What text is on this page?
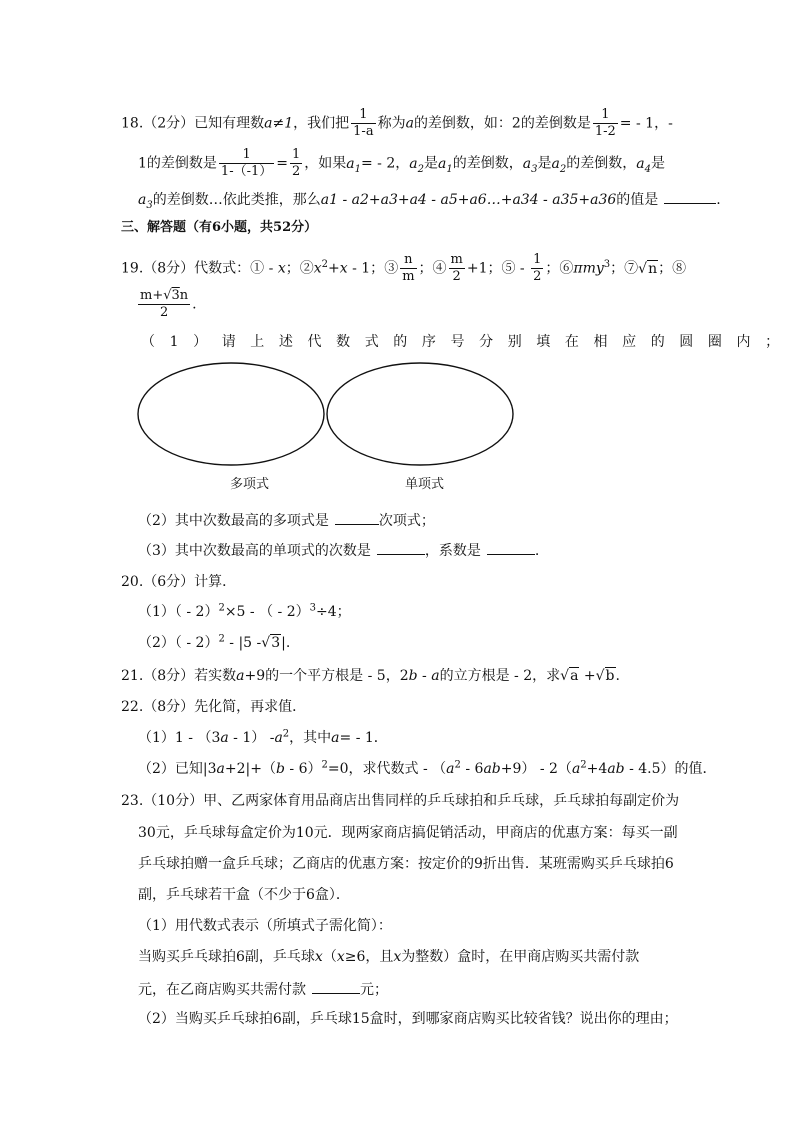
18.（2分）已知有理数a≠1，我们把 $\frac{1}{1-a}$ 称为a的差倒数，如：2的差倒数是 $\frac{1}{1-2}$ = - 1，-
1的差倒数是 $\frac{1}{1-(-1)} = \frac{1}{2}$ ，如果$a_1= - 2$，$a_2$是$a_1$的差倒数，$a_3$是$a_2$的差倒数，$a_4$是
$a_3$的差倒数…依此类推，那么a1 - a2+a3+a4 - a5+a6…+a34 - a35+a36的值是	.
三、解答题（有6小题，共52分）
19.（8分）代数式：① - x；$②x^2+x - 1$；③ $\frac{n}{m}$ ；④ $\frac{m}{2} +1$；⑤ - $\frac{1}{2}$ ；⑥πmy$^3$；⑦√n；⑧
$\frac{m+√3n}{2}$ .
（1）请上述代数式的序号分别填在相应的圆圈内；
多项式	单项式
（2）其中次数最高的多项式是	次项式；
（3）其中次数最高的单项式的次数是	，系数是	.
20.（6分）计算．
（1）（ - 2）$^2$×5 - （ - 2）$^3$÷4；
（2）（ - 2）$^2$ - |5 -√3|.
21.（8分）若实数a+9的一个平方根是 - 5，2b - a的立方根是 - 2，求√a +√b.
22.（8分）先化简，再求值．
（1）1 - （3a - 1） $-a^2$，其中a= - 1．
（2）已知|3a+2|+（b - 6）$^2$=0，求代数式 - $(a^2 - 6ab+9) - 2(a^2+4ab - 4.5)$的值．
23.（10分）甲、乙两家体育用品商店出售同样的乒乓球拍和乒乓球，乒乓球拍每副定价为
30元，乒乓球每盒定价为10元．现两家商店搞促销活动，甲商店的优惠方案：每买一副
乒乓球拍赠一盒乒乓球；乙商店的优惠方案：按定价的9折出售．某班需购买乒乓球拍6
副，乒乓球若干盒（不少于6盒）．
（1）用代数式表示（所填式子需化简）：
当购买乒乓球拍6副，乒乓球x（x≥6，且x为整数）盒时，在甲商店购买共需付款
元，在乙商店购买共需付款	元；
（2）当购买乒乓球拍6副，乒乓球15盒时，到哪家商店购买比较省钱？说出你的理由；
